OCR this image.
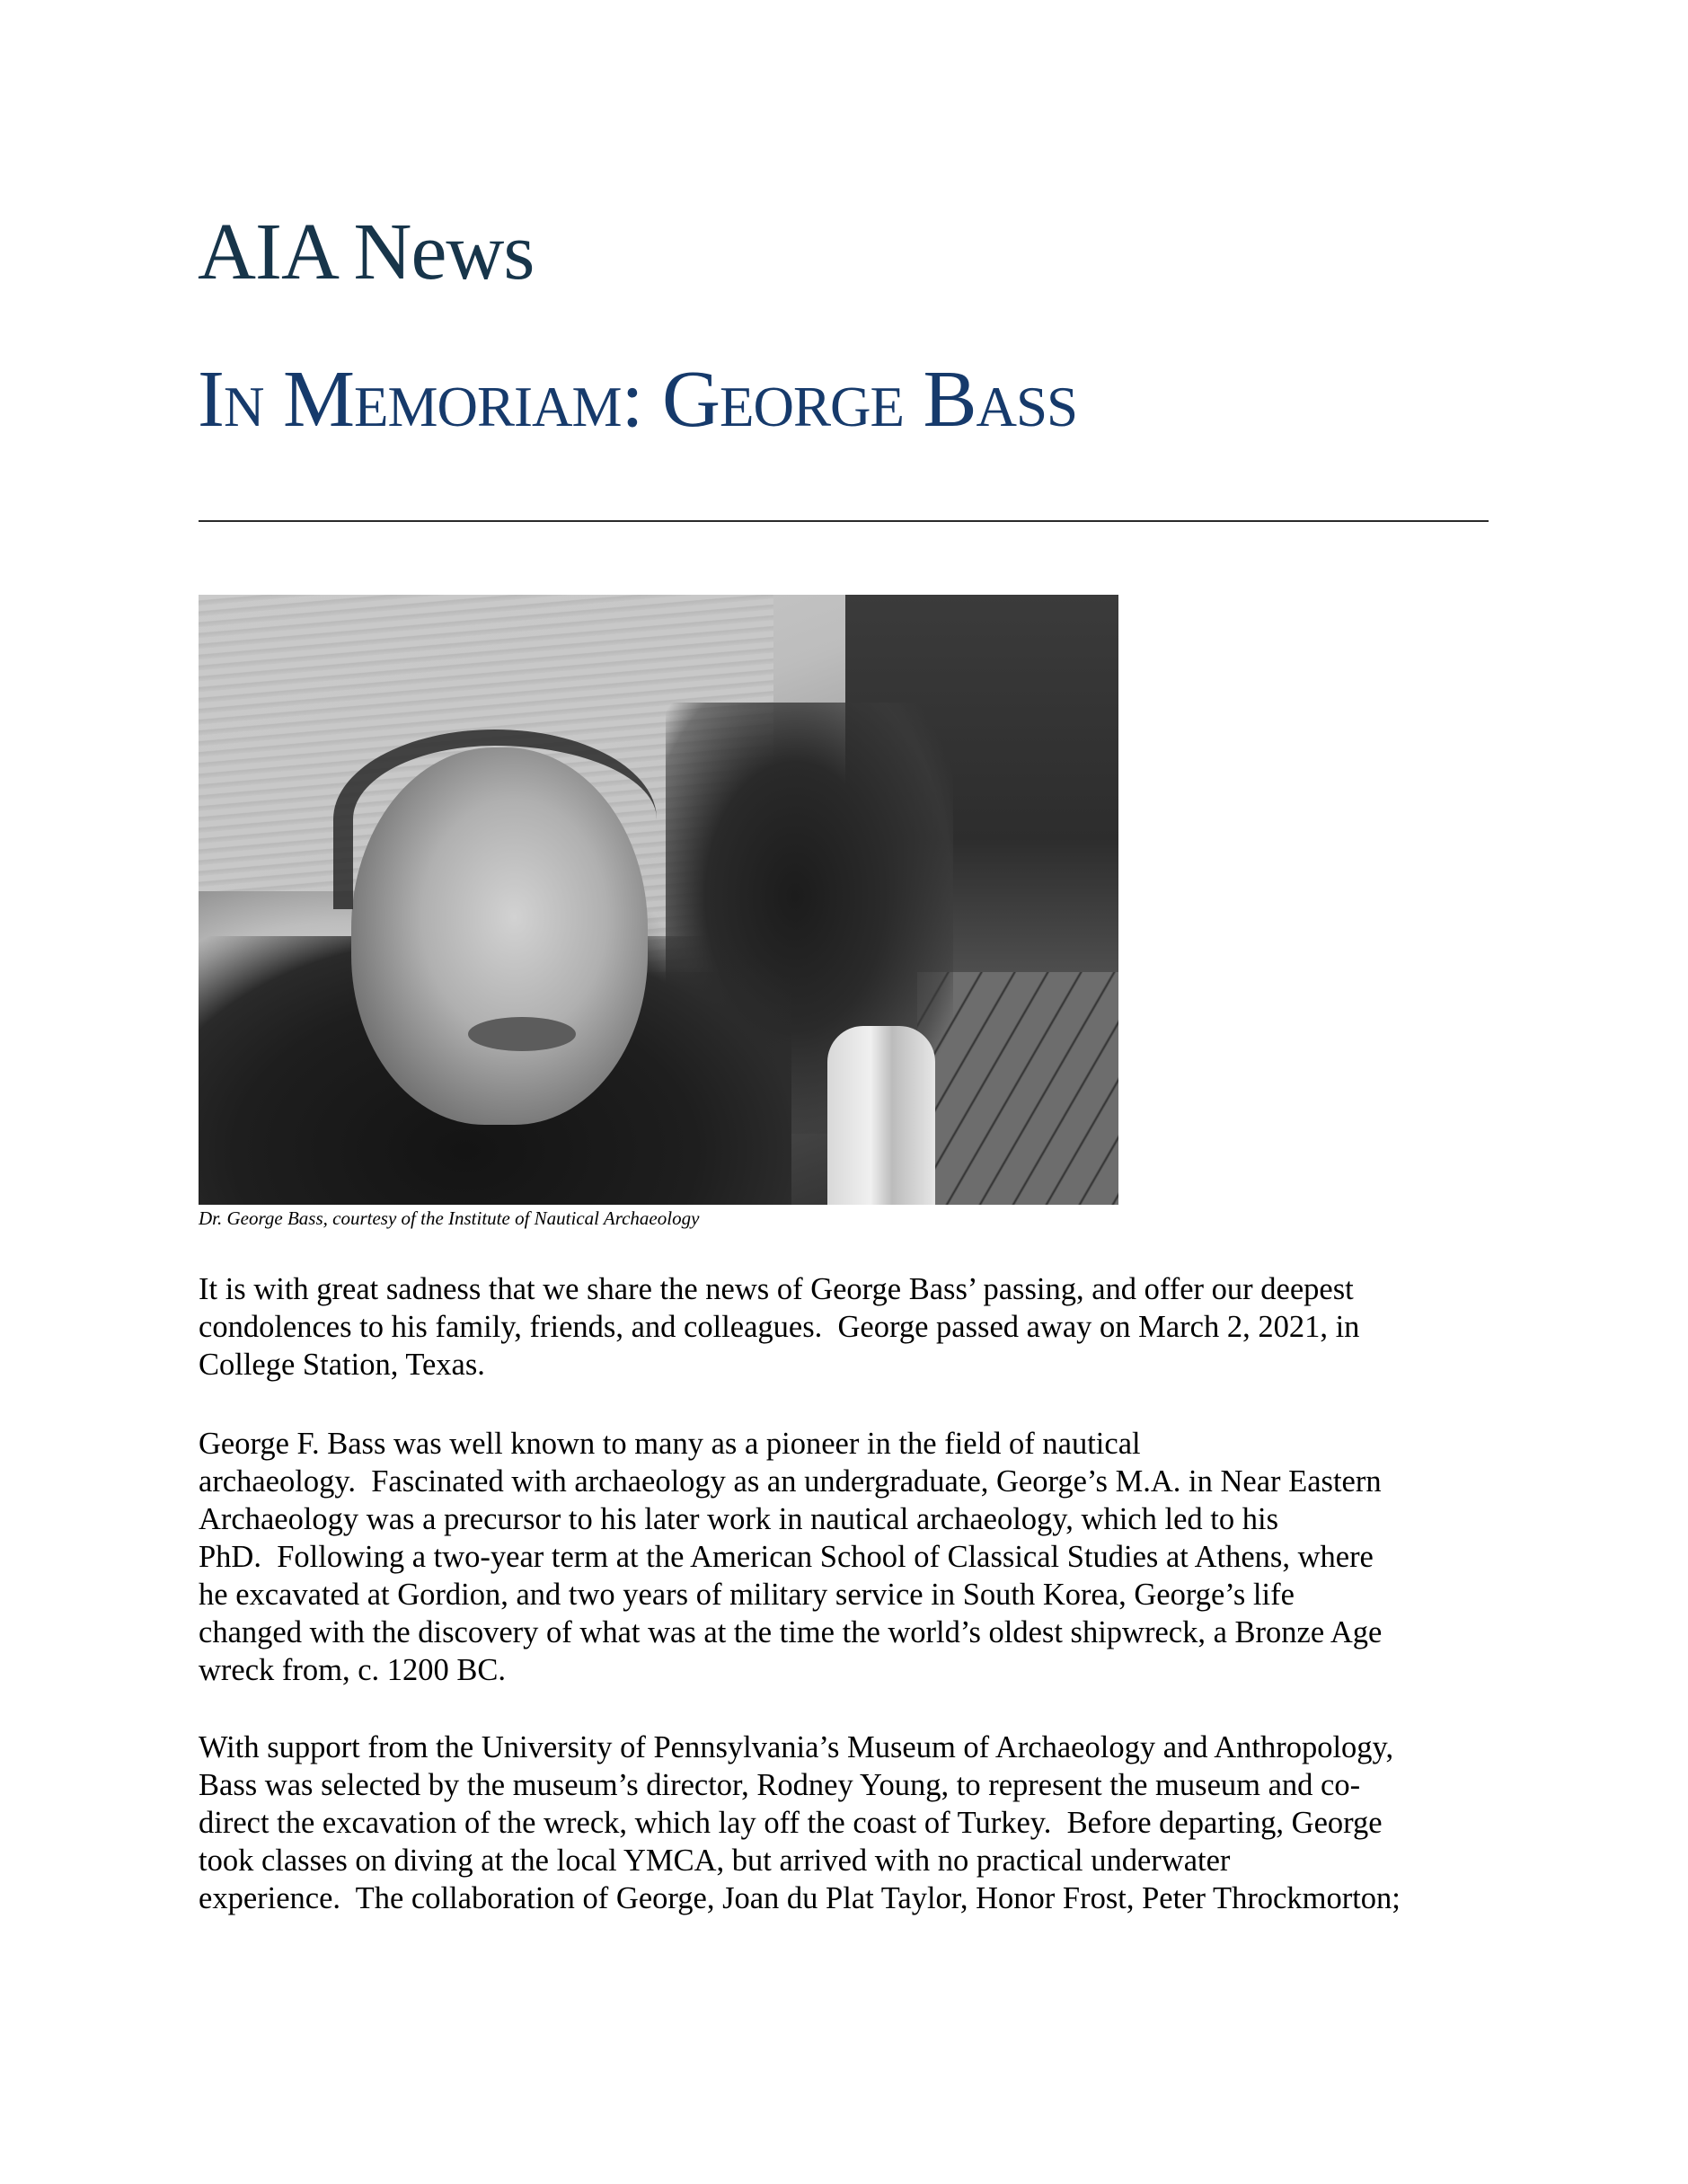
AIA News
In Memoriam: George Bass
Dr. George Bass, courtesy of the Institute of Nautical Archaeology
It is with great sadness that we share the news of George Bass’ passing, and offer our deepest
condolences to his family, friends, and colleagues.  George passed away on March 2, 2021, in
College Station, Texas.
George F. Bass was well known to many as a pioneer in the field of nautical
archaeology.  Fascinated with archaeology as an undergraduate, George’s M.A. in Near Eastern
Archaeology was a precursor to his later work in nautical archaeology, which led to his
PhD.  Following a two-year term at the American School of Classical Studies at Athens, where
he excavated at Gordion, and two years of military service in South Korea, George’s life
changed with the discovery of what was at the time the world’s oldest shipwreck, a Bronze Age
wreck from, c. 1200 BC.
With support from the University of Pennsylvania’s Museum of Archaeology and Anthropology,
Bass was selected by the museum’s director, Rodney Young, to represent the museum and co-
direct the excavation of the wreck, which lay off the coast of Turkey.  Before departing, George
took classes on diving at the local YMCA, but arrived with no practical underwater
experience.  The collaboration of George, Joan du Plat Taylor, Honor Frost, Peter Throckmorton;
